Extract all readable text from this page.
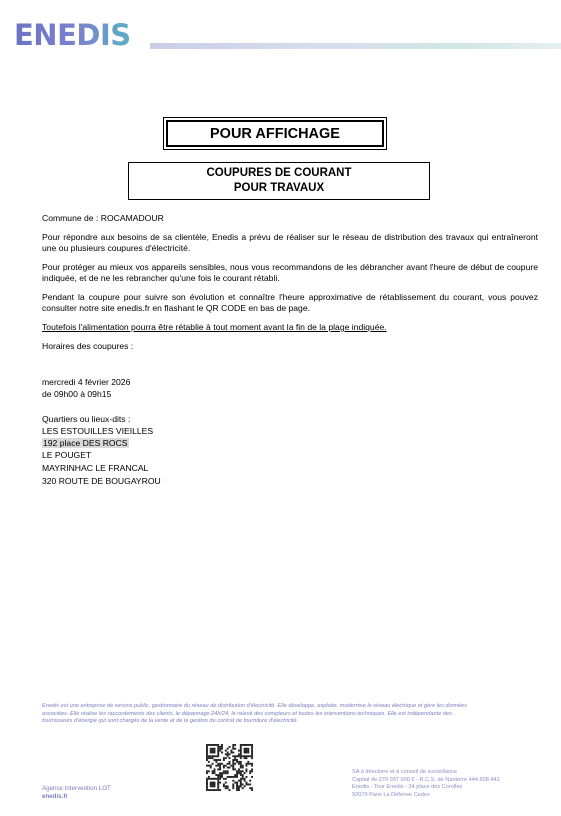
ENEDIS
POUR AFFICHAGE
COUPURES DE COURANT
POUR TRAVAUX
Commune de : ROCAMADOUR
Pour répondre aux besoins de sa clientèle, Enedis a prévu de réaliser sur le réseau de distribution des travaux qui entraîneront une ou plusieurs coupures d'électricité.
Pour protéger au mieux vos appareils sensibles, nous vous recommandons de les débrancher avant l'heure de début de coupure indiquée, et de ne les rebrancher qu'une fois le courant rétabli.
Pendant la coupure pour suivre son évolution et connaître l'heure approximative de rétablissement du courant, vous pouvez consulter notre site enedis.fr en flashant le QR CODE en bas de page.
Toutefois l'alimentation pourra être rétablie à tout moment avant la fin de la plage indiquée.
Horaires des coupures :
mercredi 4 février 2026
de 09h00 à 09h15
Quartiers ou lieux-dits :
LES ESTOUILLES VIEILLES
192 place DES ROCS
LE POUGET
MAYRINHAC LE FRANCAL
320 ROUTE DE BOUGAYROU
Enedis est une entreprise de service public, gestionnaire du réseau de distribution d'électricité. Elle développe, exploite, modernise le réseau électrique et gère les données
associées. Elle réalise les raccordements des clients, le dépannage 24h/24, le relevé des compteurs et toutes les interventions techniques. Elle est indépendante des
fournisseurs d'énergie qui sont chargés de la vente et de la gestion du contrat de fourniture d'électricité.
Agence Intervention LOT
enedis.fr
SA à directoire et à conseil de surveillance
Capital de 270 037 000 € - R.C.S. de Nanterre 444 608 442
Enedis - Tour Enedis - 34 place des Corolles
92079 Paris La Défense Cedex
